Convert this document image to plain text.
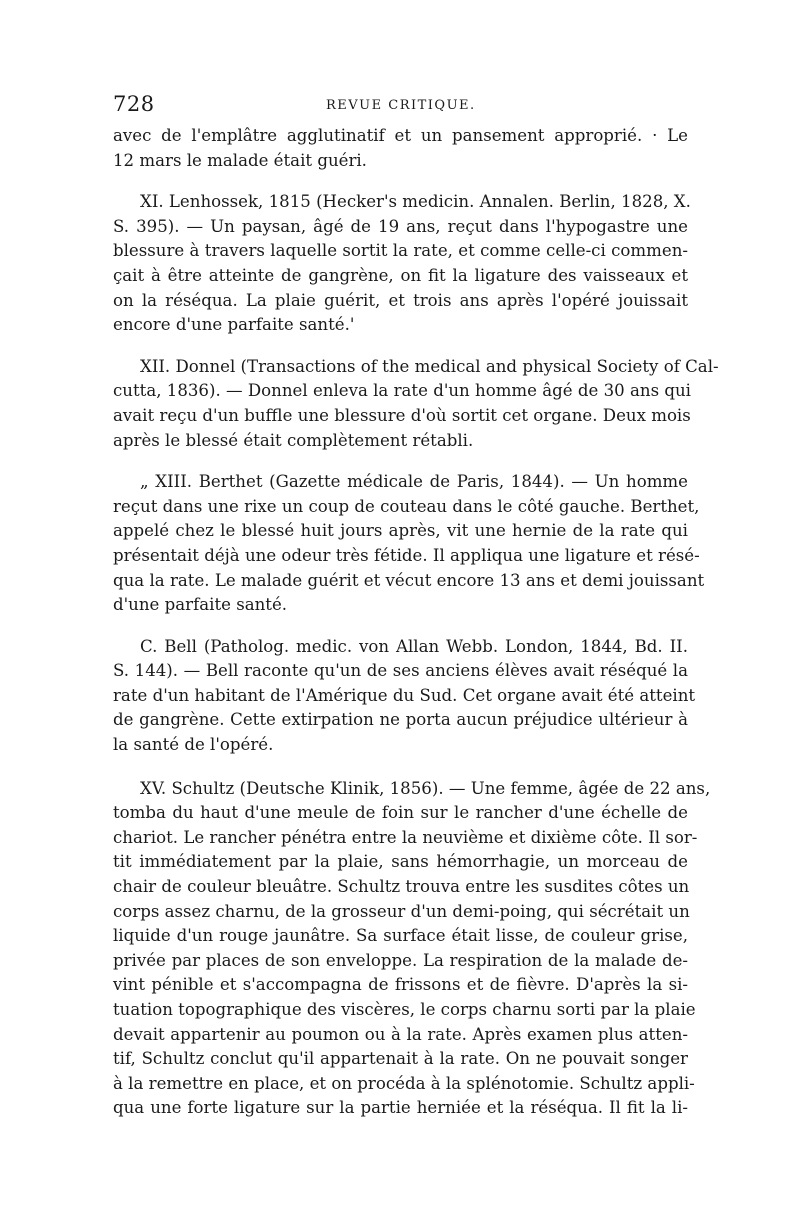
728	REVUE CRITIQUE.
avec de l'emplâtre agglutinatif et un pansement approprié. · Le
12 mars le malade était guéri.
XI. Lenhossek, 1815 (Hecker's medicin. Annalen. Berlin, 1828, X.
S. 395). — Un paysan, âgé de 19 ans, reçut dans l'hypogastre une
blessure à travers laquelle sortit la rate, et comme celle-ci commen-
çait à être atteinte de gangrène, on fit la ligature des vaisseaux et
on la réséqua. La plaie guérit, et trois ans après l'opéré jouissait
encore d'une parfaite santé.'
XII. Donnel (Transactions of the medical and physical Society of Cal-
cutta, 1836). — Donnel enleva la rate d'un homme âgé de 30 ans qui
avait reçu d'un buffle une blessure d'où sortit cet organe. Deux mois
après le blessé était complètement rétabli.
„ XIII. Berthet (Gazette médicale de Paris, 1844). — Un homme
reçut dans une rixe un coup de couteau dans le côté gauche. Berthet,
appelé chez le blessé huit jours après, vit une hernie de la rate qui
présentait déjà une odeur très fétide. Il appliqua une ligature et résé-
qua la rate. Le malade guérit et vécut encore 13 ans et demi jouissant
d'une parfaite santé.
C. Bell (Patholog. medic. von Allan Webb. London, 1844, Bd. II.
S. 144). — Bell raconte qu'un de ses anciens élèves avait réséqué la
rate d'un habitant de l'Amérique du Sud. Cet organe avait été atteint
de gangrène. Cette extirpation ne porta aucun préjudice ultérieur à
la santé de l'opéré.
XV. Schultz (Deutsche Klinik, 1856). — Une femme, âgée de 22 ans,
tomba du haut d'une meule de foin sur le rancher d'une échelle de
chariot. Le rancher pénétra entre la neuvième et dixième côte. Il sor-
tit immédiatement par la plaie, sans hémorrhagie, un morceau de
chair de couleur bleuâtre. Schultz trouva entre les susdites côtes un
corps assez charnu, de la grosseur d'un demi-poing, qui sécrétait un
liquide d'un rouge jaunâtre. Sa surface était lisse, de couleur grise,
privée par places de son enveloppe. La respiration de la malade de-
vint pénible et s'accompagna de frissons et de fièvre. D'après la si-
tuation topographique des viscères, le corps charnu sorti par la plaie
devait appartenir au poumon ou à la rate. Après examen plus atten-
tif, Schultz conclut qu'il appartenait à la rate. On ne pouvait songer
à la remettre en place, et on procéda à la splénotomie. Schultz appli-
qua une forte ligature sur la partie herniée et la réséqua. Il fit la li-
